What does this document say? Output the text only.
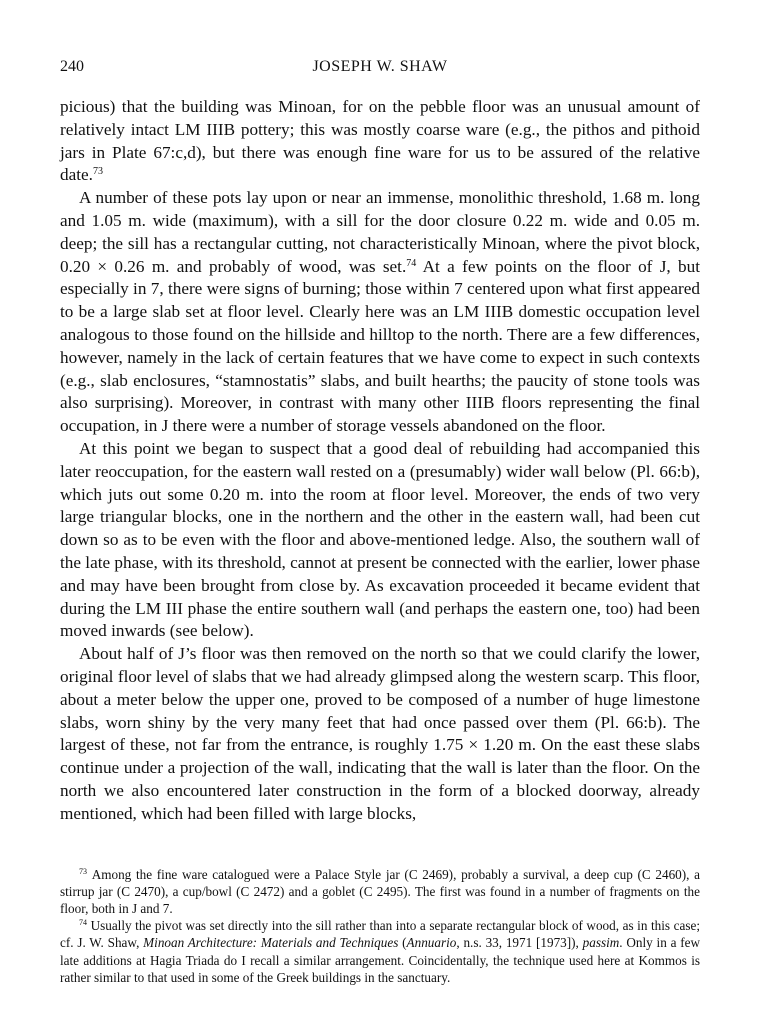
240	JOSEPH W. SHAW

picious) that the building was Minoan, for on the pebble floor was an unusual amount of relatively intact LM IIIB pottery; this was mostly coarse ware (e.g., the pithos and pithoid jars in Plate 67:c,d), but there was enough fine ware for us to be assured of the relative date.$^{73}$

A number of these pots lay upon or near an immense, monolithic threshold, 1.68 m. long and 1.05 m. wide (maximum), with a sill for the door closure 0.22 m. wide and 0.05 m. deep; the sill has a rectangular cutting, not characteristically Minoan, where the pivot block, 0.20 × 0.26 m. and probably of wood, was set.$^{74}$ At a few points on the floor of J, but especially in 7, there were signs of burning; those within 7 centered upon what first appeared to be a large slab set at floor level. Clearly here was an LM IIIB domestic occupation level analogous to those found on the hillside and hilltop to the north. There are a few differences, however, namely in the lack of certain features that we have come to expect in such contexts (e.g., slab enclosures, “stamnostatis” slabs, and built hearths; the paucity of stone tools was also surprising). Moreover, in contrast with many other IIIB floors representing the final occupation, in J there were a number of storage vessels abandoned on the floor.

At this point we began to suspect that a good deal of rebuilding had accompanied this later reoccupation, for the eastern wall rested on a (presumably) wider wall below (Pl. 66:b), which juts out some 0.20 m. into the room at floor level. Moreover, the ends of two very large triangular blocks, one in the northern and the other in the eastern wall, had been cut down so as to be even with the floor and above-mentioned ledge. Also, the southern wall of the late phase, with its threshold, cannot at present be connected with the earlier, lower phase and may have been brought from close by. As excavation proceeded it became evident that during the LM III phase the entire southern wall (and perhaps the eastern one, too) had been moved inwards (see below).

About half of J’s floor was then removed on the north so that we could clarify the lower, original floor level of slabs that we had already glimpsed along the western scarp. This floor, about a meter below the upper one, proved to be composed of a number of huge limestone slabs, worn shiny by the very many feet that had once passed over them (Pl. 66:b). The largest of these, not far from the entrance, is roughly 1.75 × 1.20 m. On the east these slabs continue under a projection of the wall, indicating that the wall is later than the floor. On the north we also encountered later construction in the form of a blocked doorway, already mentioned, which had been filled with large blocks,

$^{73}$ Among the fine ware catalogued were a Palace Style jar (C 2469), probably a survival, a deep cup (C 2460), a stirrup jar (C 2470), a cup/bowl (C 2472) and a goblet (C 2495). The first was found in a number of fragments on the floor, both in J and 7.

$^{74}$ Usually the pivot was set directly into the sill rather than into a separate rectangular block of wood, as in this case; cf. J. W. Shaw, Minoan Architecture: Materials and Techniques (Annuario, n.s. 33, 1971 [1973]), passim. Only in a few late additions at Hagia Triada do I recall a similar arrangement. Coincidentally, the technique used here at Kommos is rather similar to that used in some of the Greek buildings in the sanctuary.
